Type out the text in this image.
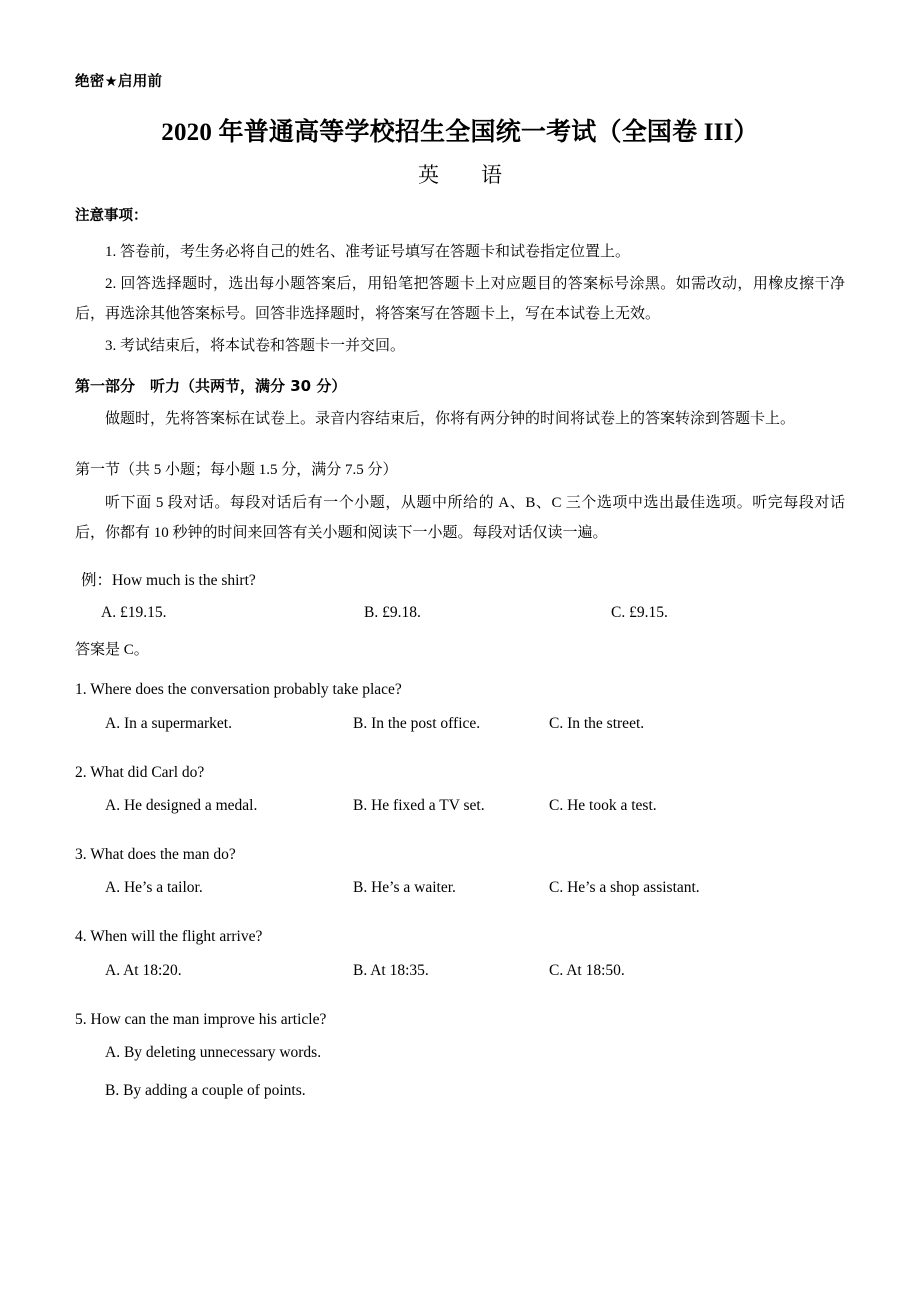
绝密★启用前
2020 年普通高等学校招生全国统一考试（全国卷 III）
英　　语
注意事项：

1. 答卷前，考生务必将自己的姓名、准考证号填写在答题卡和试卷指定位置上。

2. 回答选择题时，选出每小题答案后，用铅笔把答题卡上对应题目的答案标号涂黑。如需改动，用橡皮擦干净后，再选涂其他答案标号。回答非选择题时，将答案写在答题卡上，写在本试卷上无效。

3. 考试结束后，将本试卷和答题卡一并交回。

第一部分　听力（共两节，满分 30 分）

做题时，先将答案标在试卷上。录音内容结束后，你将有两分钟的时间将试卷上的答案转涂到答题卡上。

第一节（共 5 小题；每小题 1.5 分，满分 7.5 分）

听下面 5 段对话。每段对话后有一个小题，从题中所给的 A、B、C 三个选项中选出最佳选项。听完每段对话后，你都有 10 秒钟的时间来回答有关小题和阅读下一小题。每段对话仅读一遍。

例：How much is the shirt?
A. £19.15.	B. £9.18.	C. £9.15.
答案是 C。
1. Where does the conversation probably take place?
A. In a supermarket.	B. In the post office.	C. In the street.
2. What did Carl do?
A. He designed a medal.	B. He fixed a TV set.	C. He took a test.
3. What does the man do?
A. He’s a tailor.	B. He’s a waiter.	C. He’s a shop assistant.
4. When will the flight arrive?
A. At 18:20.	B. At 18:35.	C. At 18:50.
5. How can the man improve his article?
A. By deleting unnecessary words.
B. By adding a couple of points.
